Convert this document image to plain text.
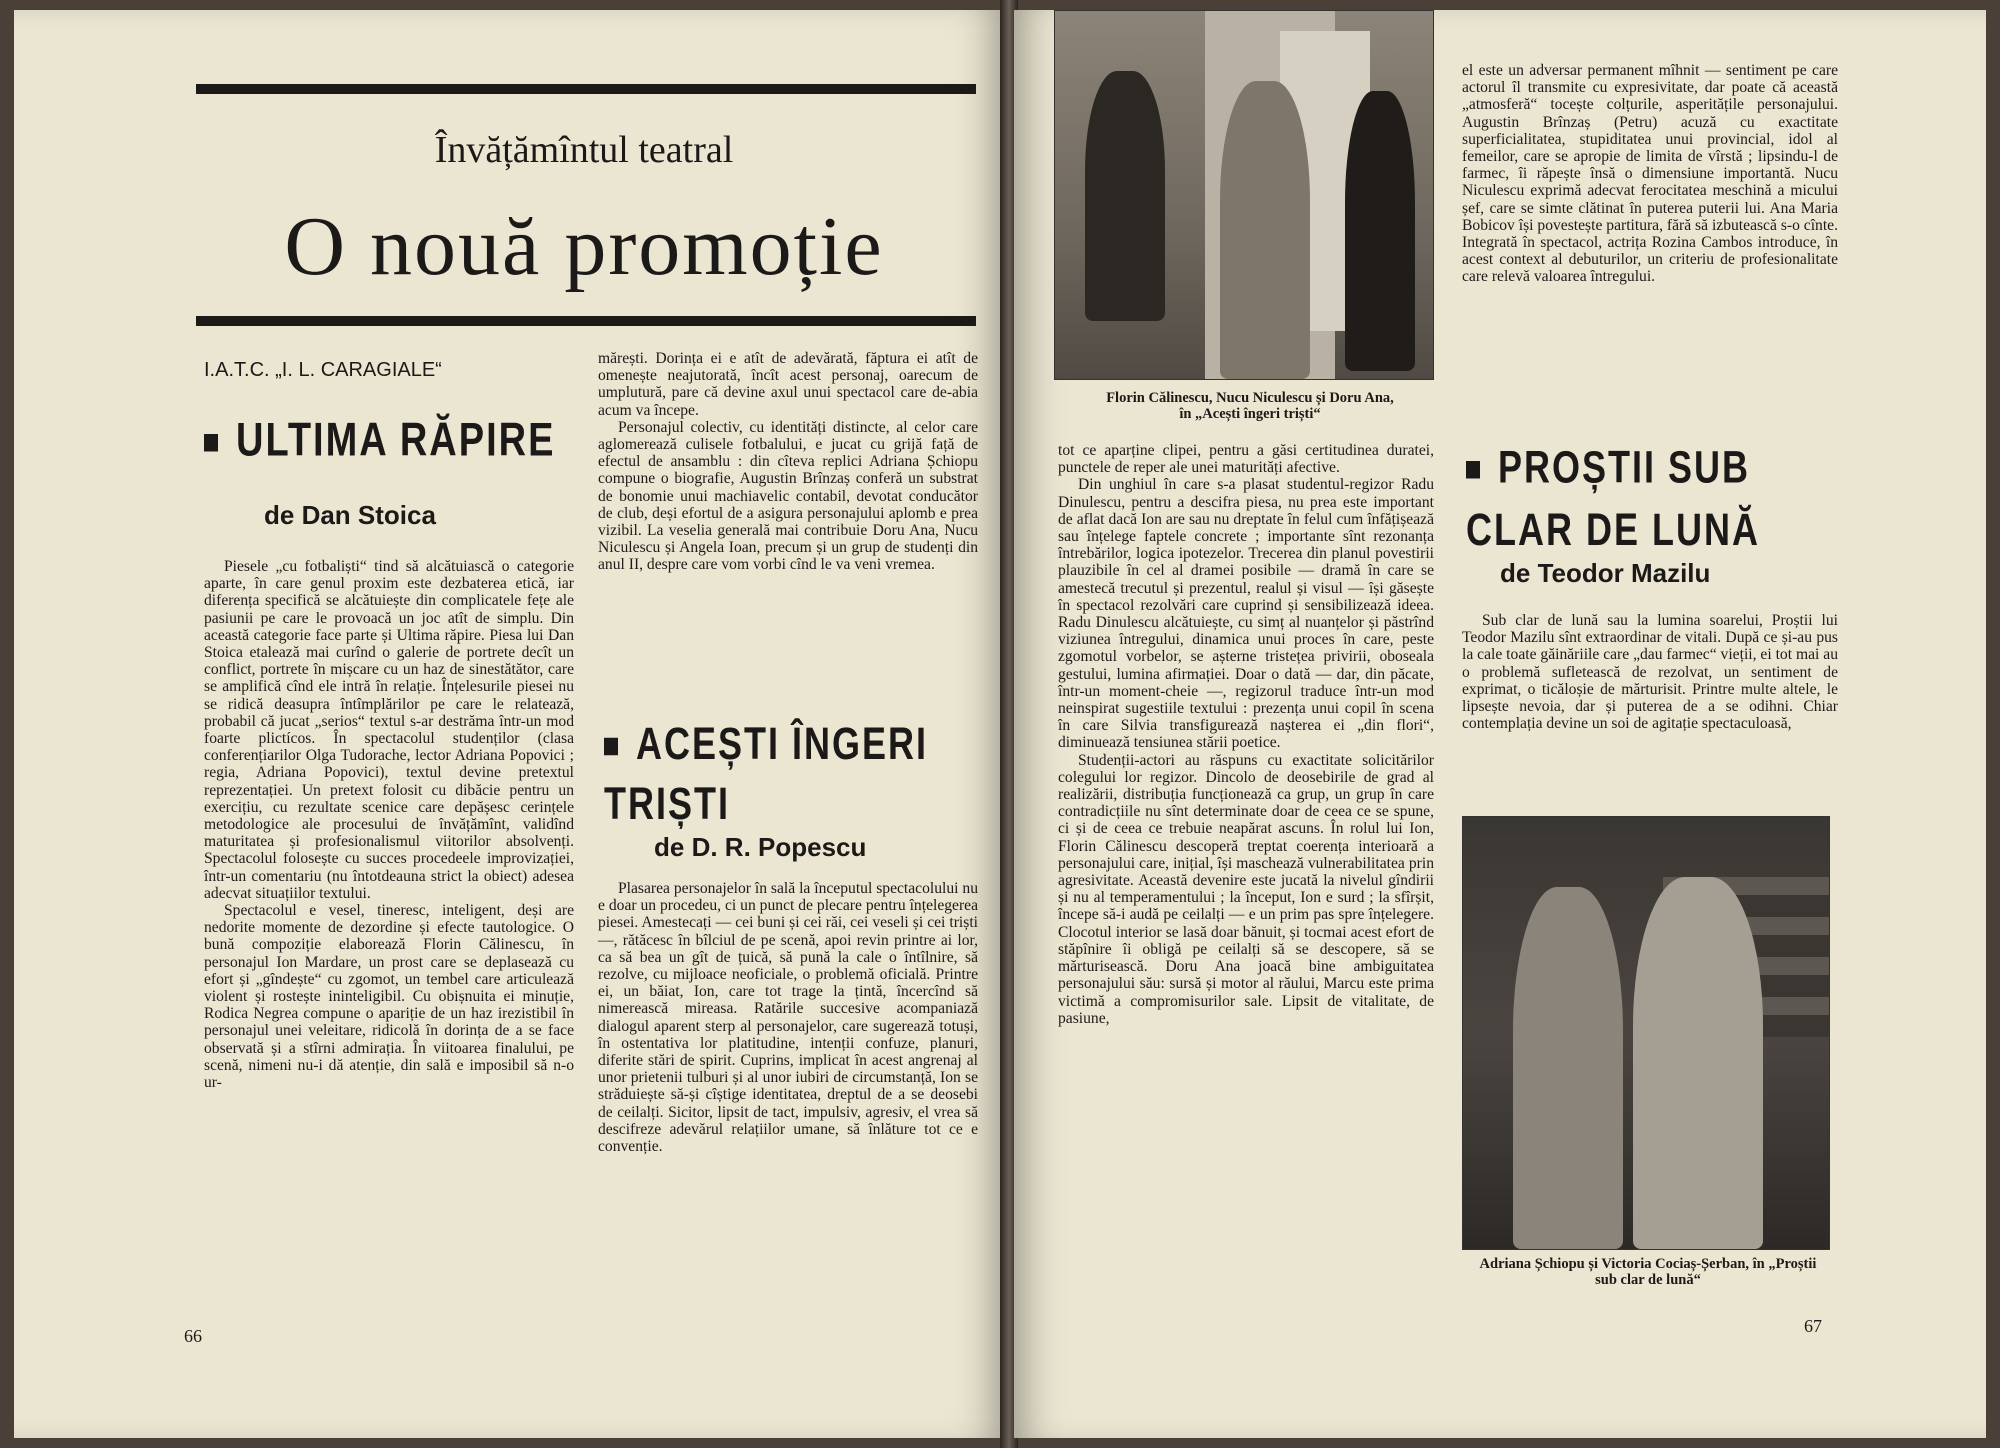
Învățămîntul teatral
O nouă promoție
I.A.T.C. „I. L. CARAGIALE“
ULTIMA RĂPIRE
de Dan Stoica

Piesele „cu fotbaliști“ tind să alcătuiască o categorie aparte, în care genul proxim este dezbaterea etică, iar diferența specifică se alcătuiește din complicatele fețe ale pasiunii pe care le provoacă un joc atît de simplu. Din această categorie face parte și Ultima răpire. Piesa lui Dan Stoica etalează mai curînd o galerie de portrete decît un conflict, portrete în mișcare cu un haz de sinestătător, care se amplifică cînd ele intră în relație. Înțelesurile piesei nu se ridică deasupra întîmplărilor pe care le relatează, probabil că jucat „serios“ textul s-ar destrăma într-un mod foarte plictícos. În spectacolul studenților (clasa conferențiarilor Olga Tudorache, lector Adriana Popovici ; regia, Adriana Popovici), textul devine pretextul reprezentației. Un pretext folosit cu dibăcie pentru un exercițiu, cu rezultate scenice care depășesc cerințele metodologice ale procesului de învățămînt, validînd maturitatea și profesionalismul viitorilor absolvenți. Spectacolul folosește cu succes procedeele improvizației, într-un comentariu (nu întotdeauna strict la obiect) adesea adecvat situațiilor textului.

Spectacolul e vesel, tineresc, inteligent, deși are nedorite momente de dezordine și efecte tautologice. O bună compoziție elaborează Florin Călinescu, în personajul Ion Mardare, un prost care se deplasează cu efort și „gîndește“ cu zgomot, un tembel care articulează violent și rostește ininteligibil. Cu obișnuita ei minuție, Rodica Negrea compune o apariție de un haz irezistibil în personajul unei veleitare, ridicolă în dorința de a se face observată și a stîrni admirația. În viitoarea finalului, pe scenă, nimeni nu-i dă atenție, din sală e imposibil să n-o ur-

mărești. Dorința ei e atît de adevărată, făptura ei atît de omenește neajutorată, încît acest personaj, oarecum de umplutură, pare că devine axul unui spectacol care de-abia acum va începe.

Personajul colectiv, cu identități distincte, al celor care aglomerează culisele fotbalului, e jucat cu grijă față de efectul de ansamblu : din cîteva replici Adriana Șchiopu compune o biografie, Augustin Brînzaș conferă un substrat de bonomie unui machiavelic contabil, devotat conducător de club, deși efortul de a asigura personajului aplomb e prea vizibil. La veselia generală mai contribuie Doru Ana, Nucu Niculescu și Angela Ioan, precum și un grup de studenți din anul II, despre care vom vorbi cînd le va veni vremea.

ACEȘTI ÎNGERI TRIȘTI
de D. R. Popescu

Plasarea personajelor în sală la începutul spectacolului nu e doar un procedeu, ci un punct de plecare pentru înțelegerea piesei. Amestecați — cei buni și cei răi, cei veseli și cei triști —, rătăcesc în bîlciul de pe scenă, apoi revin printre ai lor, ca să bea un gît de țuică, să pună la cale o întîlnire, să rezolve, cu mijloace neoficiale, o problemă oficială. Printre ei, un băiat, Ion, care tot trage la țintă, încercînd să nimerească mireasa. Ratările succesive acompaniază dialogul aparent sterp al personajelor, care sugerează totuși, în ostentativa lor platitudine, intenții confuze, planuri, diferite stări de spirit. Cuprins, implicat în acest angrenaj al unor prietenii tulburi și al unor iubiri de circumstanță, Ion se străduiește să-și cîștige identitatea, dreptul de a se deosebi de ceilalți. Sicitor, lipsit de tact, impulsiv, agresiv, el vrea să descifreze adevărul relațiilor umane, să înlăture tot ce e convenție.

66
Florin Călinescu, Nucu Niculescu și Doru Ana, în „Acești îngeri triști“

tot ce aparține clipei, pentru a găsi certitudinea duratei, punctele de reper ale unei maturități afective.

Din unghiul în care s-a plasat studentul-regizor Radu Dinulescu, pentru a descifra piesa, nu prea este important de aflat dacă Ion are sau nu dreptate în felul cum înfățișează sau înțelege faptele concrete ; importante sînt rezonanța întrebărilor, logica ipotezelor. Trecerea din planul povestirii plauzibile în cel al dramei posibile — dramă în care se amestecă trecutul și prezentul, realul și visul — își găsește în spectacol rezolvări care cuprind și sensibilizează ideea. Radu Dinulescu alcătuiește, cu simț al nuanțelor și păstrînd viziunea întregului, dinamica unui proces în care, peste zgomotul vorbelor, se așterne tristețea privirii, oboseala gestului, lumina afirmației. Doar o dată — dar, din păcate, într-un moment-cheie —, regizorul traduce într-un mod neinspirat sugestiile textului : prezența unui copil în scena în care Silvia transfigurează nașterea ei „din flori“, diminuează tensiunea stării poetice.

Studenții-actori au răspuns cu exactitate solicitărilor colegului lor regizor. Dincolo de deosebirile de grad al realizării, distribuția funcționează ca grup, un grup în care contradicțiile nu sînt determinate doar de ceea ce se spune, ci și de ceea ce trebuie neapărat ascuns. În rolul lui Ion, Florin Călinescu descoperă treptat coerența interioară a personajului care, inițial, își maschează vulnerabilitatea prin agresivitate. Această devenire este jucată la nivelul gîndirii și nu al temperamentului ; la început, Ion e surd ; la sfîrșit, începe să-i audă pe ceilalți — e un prim pas spre înțelegere. Clocotul interior se lasă doar bănuit, și tocmai acest efort de stăpînire îi obligă pe ceilalți să se descopere, să se mărturisească. Doru Ana joacă bine ambiguitatea personajului său: sursă și motor al răului, Marcu este prima victimă a compromisurilor sale. Lipsit de vitalitate, de pasiune,

el este un adversar permanent mîhnit — sentiment pe care actorul îl transmite cu expresivitate, dar poate că această „atmosferă“ tocește colțurile, asperitățile personajului. Augustin Brînzaș (Petru) acuză cu exactitate superficialitatea, stupiditatea unui provincial, idol al femeilor, care se apropie de limita de vîrstă ; lipsindu-l de farmec, îi răpește însă o dimensiune importantă. Nucu Niculescu exprimă adecvat ferocitatea meschină a micului șef, care se simte clătinat în puterea puterii lui. Ana Maria Bobicov își povestește partitura, fără să izbutească s-o cînte. Integrată în spectacol, actrița Rozina Cambos introduce, în acest context al debuturilor, un criteriu de profesionalitate care relevă valoarea întregului.

PROȘTII SUB CLAR DE LUNĂ
de Teodor Mazilu

Sub clar de lună sau la lumina soarelui, Proștii lui Teodor Mazilu sînt extraordinar de vitali. După ce și-au pus la cale toate găinăriile care „dau farmec“ vieții, ei tot mai au o problemă sufletească de rezolvat, un sentiment de exprimat, o ticăloșie de mărturisit. Printre multe altele, le lipsește nevoia, dar și puterea de a se odihni. Chiar contemplația devine un soi de agitație spectaculoasă,

Adriana Șchiopu și Victoria Cociaș-Șerban, în „Proștii sub clar de lună“
67
